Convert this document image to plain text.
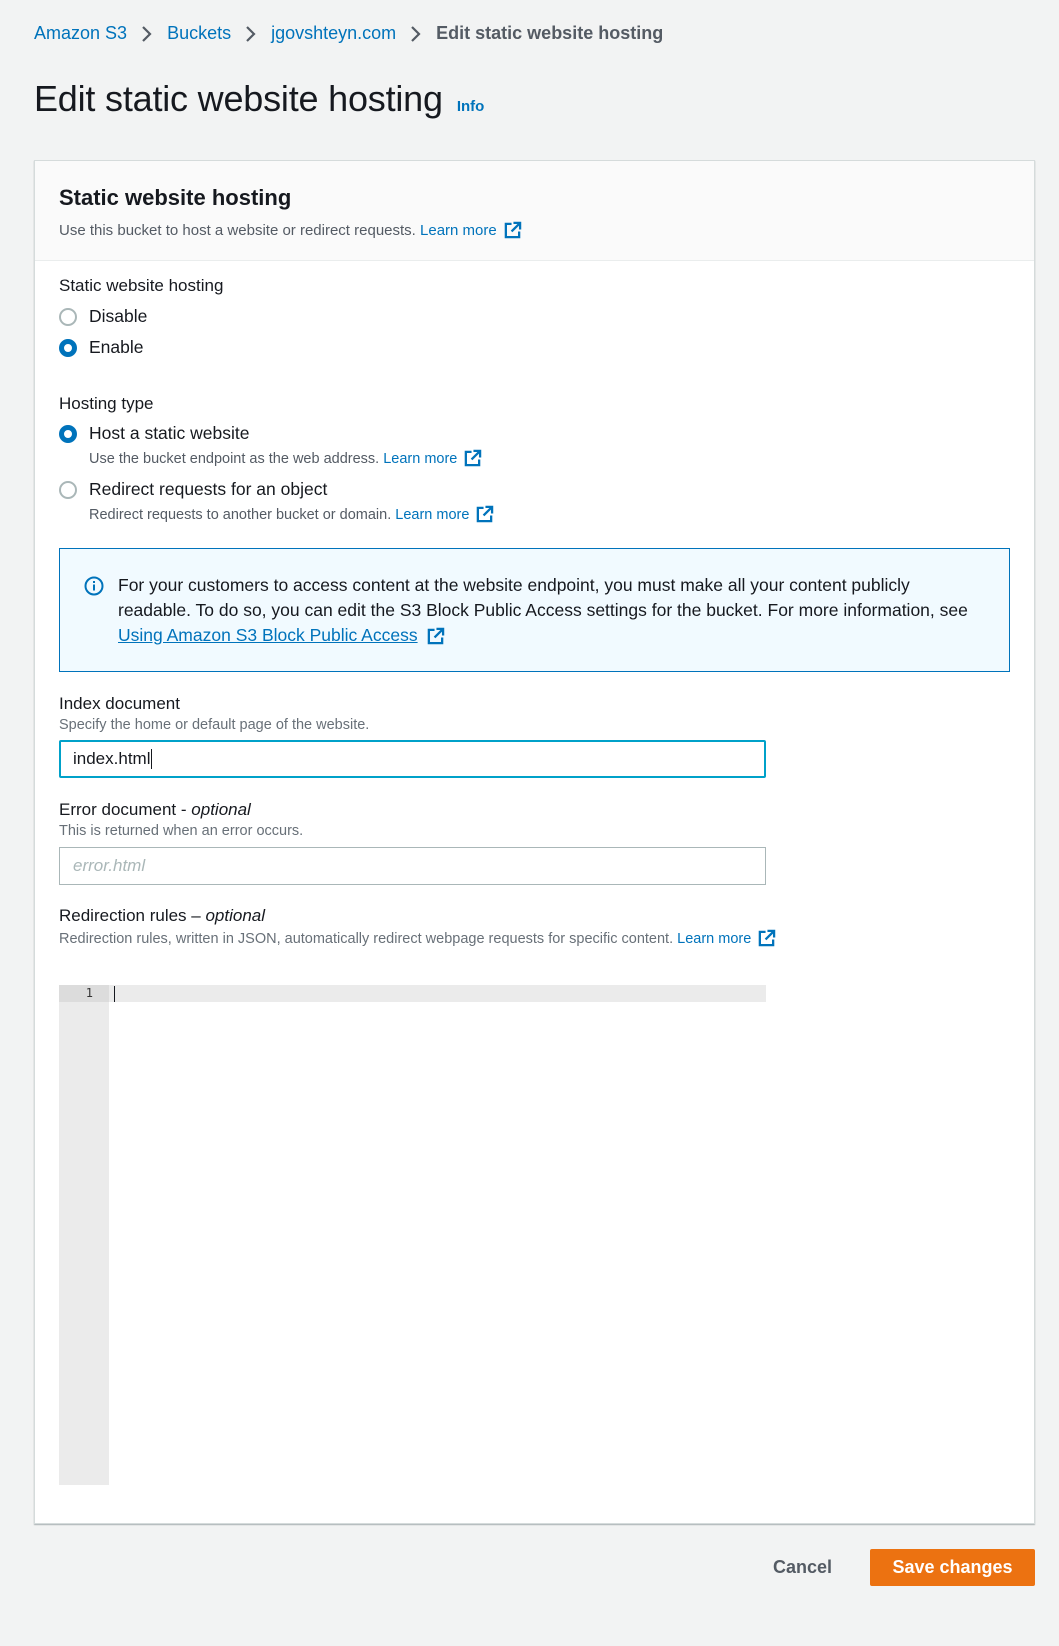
Amazon S3 Buckets jgovshteyn.com Edit static website hosting
Edit static website hosting Info
Static website hosting
Use this bucket to host a website or redirect requests.
Learn more
Static website hosting
Disable
Enable
Hosting type
Host a static website
Use the bucket endpoint as the web address.
Learn more
Redirect requests for an object
Redirect requests to another bucket or domain.
Learn more
For your customers to access content at the website endpoint, you must make all your content publicly readable. To do so, you can edit the S3 Block Public Access settings for the bucket. For more information, see Using Amazon S3 Block Public Access
Index document
Specify the home or default page of the website.
index.html
Error document - optional
This is returned when an error occurs.
error.html
Redirection rules – optional
Redirection rules, written in JSON, automatically redirect webpage requests for specific content.
Learn more
1
Cancel	Save changes
